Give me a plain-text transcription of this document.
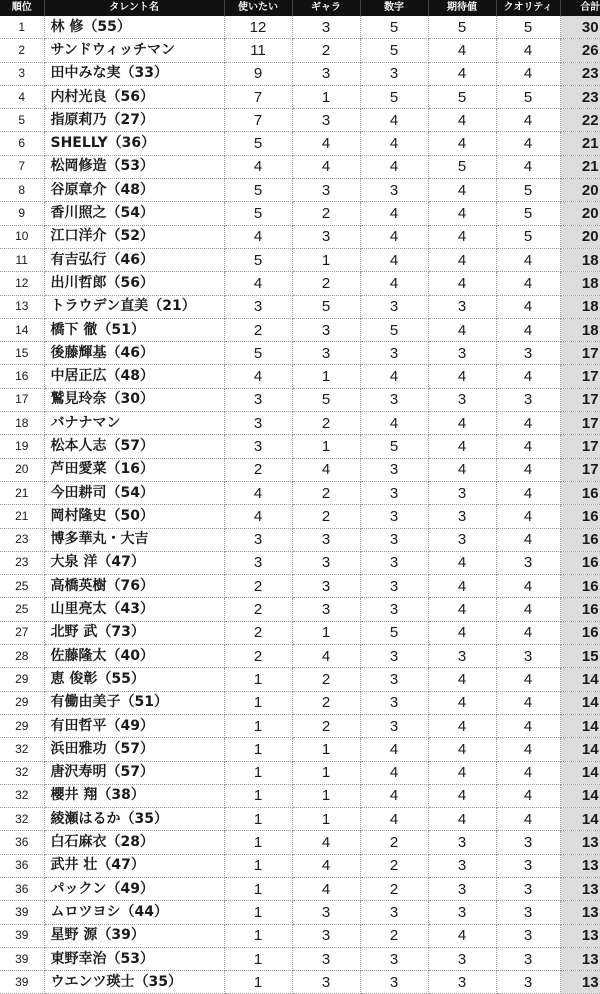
順位	タレント名	使いたい	ギャラ	数字	期待値	クオリティ	合計
1	林 修（55）	12	3	5	5	5	30
2	サンドウィッチマン	11	2	5	4	4	26
3	田中みな実（33）	9	3	3	4	4	23
4	内村光良（56）	7	1	5	5	5	23
5	指原莉乃（27）	7	3	4	4	4	22
6	SHELLY（36）	5	4	4	4	4	21
7	松岡修造（53）	4	4	4	5	4	21
8	谷原章介（48）	5	3	3	4	5	20
9	香川照之（54）	5	2	4	4	5	20
10	江口洋介（52）	4	3	4	4	5	20
11	有吉弘行（46）	5	1	4	4	4	18
12	出川哲郎（56）	4	2	4	4	4	18
13	トラウデン直美（21）	3	5	3	3	4	18
14	橋下 徹（51）	2	3	5	4	4	18
15	後藤輝基（46）	5	3	3	3	3	17
16	中居正広（48）	4	1	4	4	4	17
17	鷲見玲奈（30）	3	5	3	3	3	17
18	バナナマン	3	2	4	4	4	17
19	松本人志（57）	3	1	5	4	4	17
20	芦田愛菜（16）	2	4	3	4	4	17
21	今田耕司（54）	4	2	3	3	4	16
21	岡村隆史（50）	4	2	3	3	4	16
23	博多華丸・大吉	3	3	3	3	4	16
23	大泉 洋（47）	3	3	3	4	3	16
25	高橋英樹（76）	2	3	3	4	4	16
25	山里亮太（43）	2	3	3	4	4	16
27	北野 武（73）	2	1	5	4	4	16
28	佐藤隆太（40）	2	4	3	3	3	15
29	恵 俊彰（55）	1	2	3	4	4	14
29	有働由美子（51）	1	2	3	4	4	14
29	有田哲平（49）	1	2	3	4	4	14
32	浜田雅功（57）	1	1	4	4	4	14
32	唐沢寿明（57）	1	1	4	4	4	14
32	櫻井 翔（38）	1	1	4	4	4	14
32	綾瀬はるか（35）	1	1	4	4	4	14
36	白石麻衣（28）	1	4	2	3	3	13
36	武井 壮（47）	1	4	2	3	3	13
36	パックン（49）	1	4	2	3	3	13
39	ムロツヨシ（44）	1	3	3	3	3	13
39	星野 源（39）	1	3	2	4	3	13
39	東野幸治（53）	1	3	3	3	3	13
39	ウエンツ瑛士（35）	1	3	3	3	3	13
